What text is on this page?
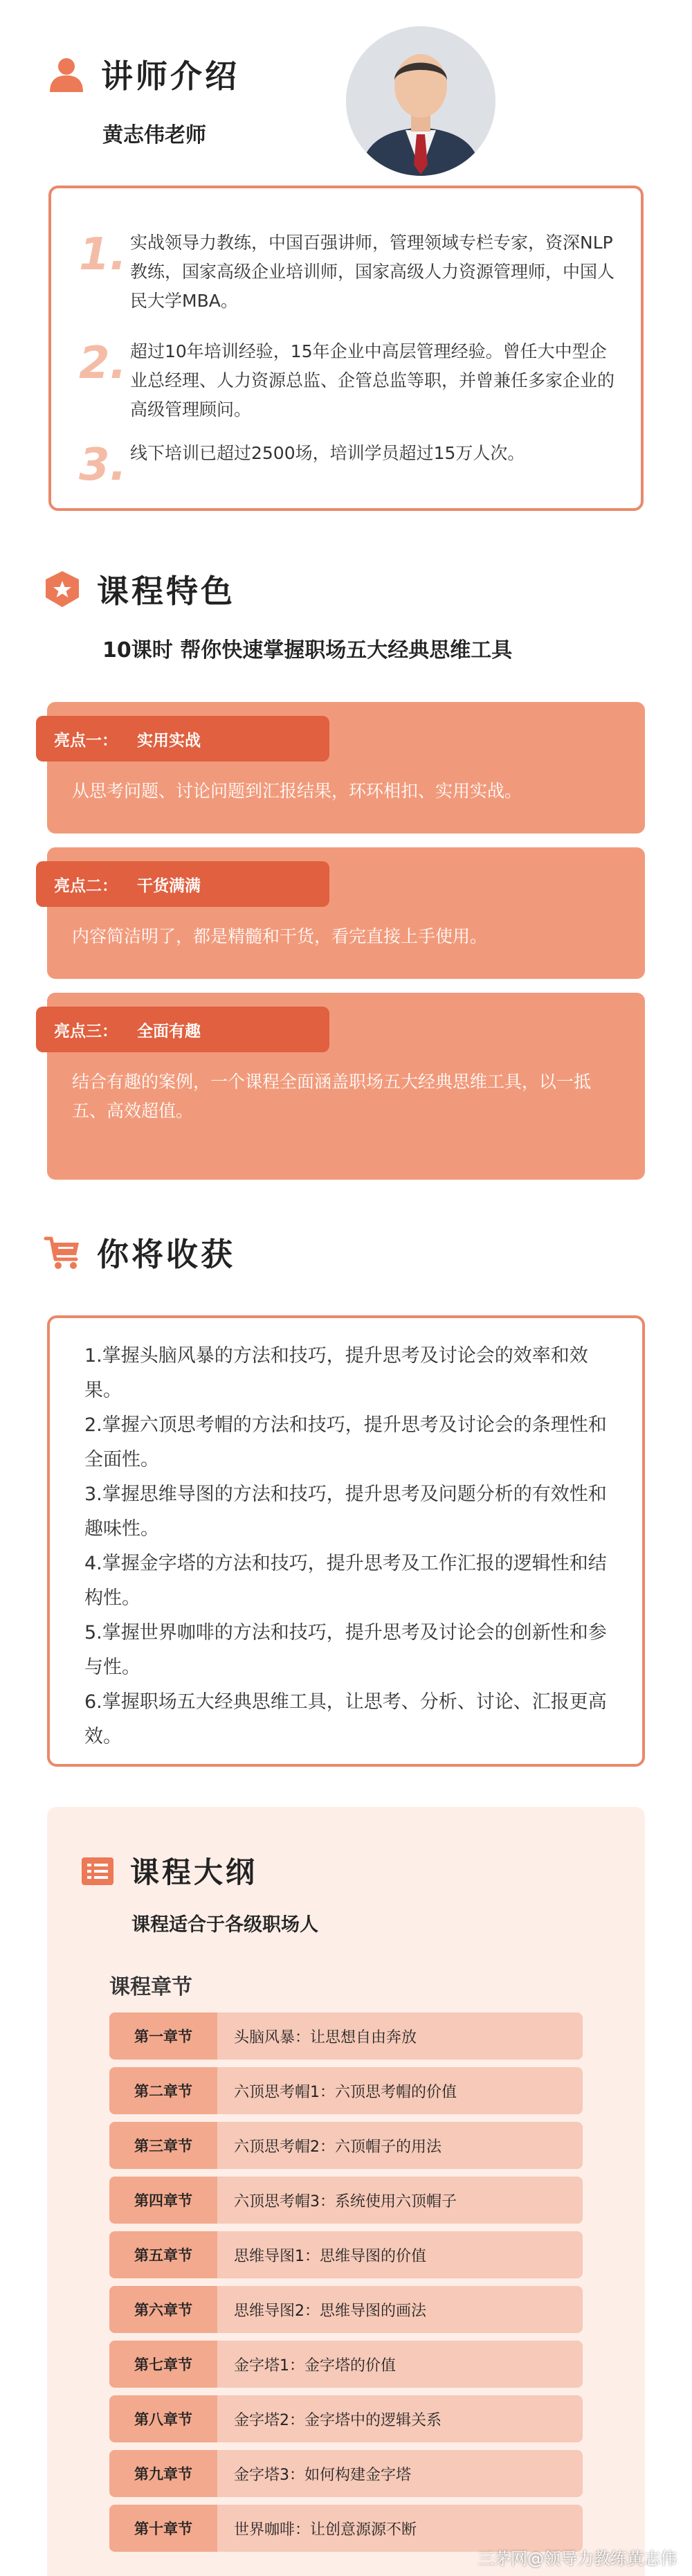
讲师介绍
黄志伟老师
1. 实战领导力教练，中国百强讲师，管理领域专栏专家，资深NLP教练，国家高级企业培训师，国家高级人力资源管理师，中国人民大学MBA。
2. 超过10年培训经验，15年企业中高层管理经验。曾任大中型企业总经理、人力资源总监、企管总监等职，并曾兼任多家企业的高级管理顾问。
3. 线下培训已超过2500场，培训学员超过15万人次。
课程特色
10课时 帮你快速掌握职场五大经典思维工具
亮点一： 实用实战
从思考问题、讨论问题到汇报结果，环环相扣、实用实战。
亮点二： 干货满满
内容简洁明了，都是精髓和干货，看完直接上手使用。
亮点三： 全面有趣
结合有趣的案例，一个课程全面涵盖职场五大经典思维工具，以一抵五、高效超值。
你将收获
1.掌握头脑风暴的方法和技巧，提升思考及讨论会的效率和效果。
2.掌握六顶思考帽的方法和技巧，提升思考及讨论会的条理性和全面性。
3.掌握思维导图的方法和技巧，提升思考及问题分析的有效性和趣味性。
4.掌握金字塔的方法和技巧，提升思考及工作汇报的逻辑性和结构性。
5.掌握世界咖啡的方法和技巧，提升思考及讨论会的创新性和参与性。
6.掌握职场五大经典思维工具，让思考、分析、讨论、汇报更高效。
课程大纲
课程适合于各级职场人
课程章节
第一章节	头脑风暴：让思想自由奔放
第二章节	六顶思考帽1：六顶思考帽的价值
第三章节	六顶思考帽2：六顶帽子的用法
第四章节	六顶思考帽3：系统使用六顶帽子
第五章节	思维导图1：思维导图的价值
第六章节	思维导图2：思维导图的画法
第七章节	金字塔1：金字塔的价值
第八章节	金字塔2：金字塔中的逻辑关系
第九章节	金字塔3：如何构建金字塔
第十章节	世界咖啡：让创意源源不断
三茅网@领导力教练黄志伟
